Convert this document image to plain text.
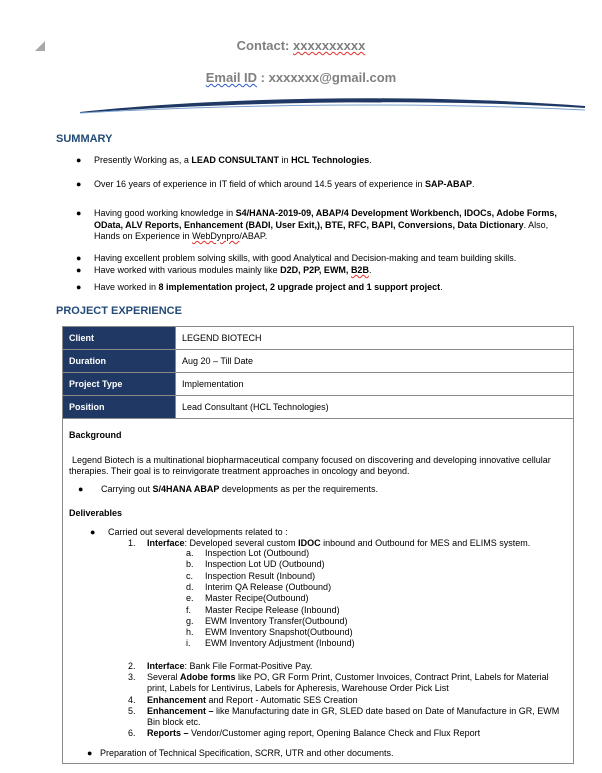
Contact: xxxxxxxxxx
Email ID : xxxxxxx@gmail.com
SUMMARY
● Presently Working as, a LEAD CONSULTANT in HCL Technologies.
● Over 16 years of experience in IT field of which around 14.5 years of experience in SAP-ABAP.
● Having good working knowledge in S4/HANA-2019-09, ABAP/4 Development Workbench, IDOCs, Adobe Forms, OData, ALV Reports, Enhancement (BADI, User Exit,), BTE, RFC, BAPI, Conversions, Data Dictionary. Also, Hands on Experience in WebDynpro/ABAP.
● Having excellent problem solving skills, with good Analytical and Decision-making and team building skills.
● Have worked with various modules mainly like D2D, P2P, EWM, B2B.
● Have worked in 8 implementation project, 2 upgrade project and 1 support project.
PROJECT EXPERIENCE
Client	LEGEND BIOTECH
Duration	Aug 20 – Till Date
Project Type	Implementation
Position	Lead Consultant (HCL Technologies)
Background
Legend Biotech is a multinational biopharmaceutical company focused on discovering and developing innovative cellular therapies. Their goal is to reinvigorate treatment approaches in oncology and beyond.
● Carrying out S/4HANA ABAP developments as per the requirements.
Deliverables
● Carried out several developments related to :
1. Interface: Developed several custom IDOC inbound and Outbound for MES and ELIMS system.
a. Inspection Lot (Outbound)
b. Inspection Lot UD (Outbound)
c. Inspection Result (Inbound)
d. Interim QA Release (Outbound)
e. Master Recipe(Outbound)
f. Master Recipe Release (Inbound)
g. EWM Inventory Transfer(Outbound)
h. EWM Inventory Snapshot(Outbound)
i. EWM Inventory Adjustment (Inbound)
2. Interface: Bank File Format-Positive Pay.
3. Several Adobe forms like PO, GR Form Print, Customer Invoices, Contract Print, Labels for Material print, Labels for Lentivirus, Labels for Apheresis, Warehouse Order Pick List
4. Enhancement and Report - Automatic SES Creation
5. Enhancement – like Manufacturing date in GR, SLED date based on Date of Manufacture in GR, EWM Bin block etc.
6. Reports – Vendor/Customer aging report, Opening Balance Check and Flux Report
● Preparation of Technical Specification, SCRR, UTR and other documents.
